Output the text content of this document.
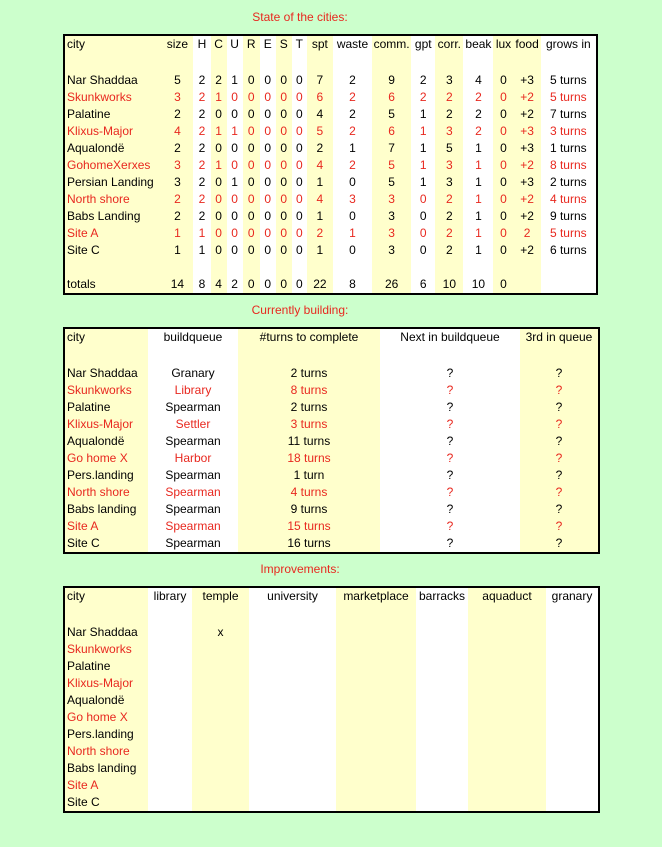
State of the cities:
city	size	H	C	U	R	E	S	T	spt	waste	comm.	gpt	corr.	beak	lux	food	grows in

Nar Shaddaa	5	2	2	1	0	0	0	0	7	2	9	2	3	4	0	+3	5 turns
Skunkworks	3	2	1	0	0	0	0	0	6	2	6	2	2	2	0	+2	5 turns
Palatine	2	2	0	0	0	0	0	0	4	2	5	1	2	2	0	+2	7 turns
Klixus-Major	4	2	1	1	0	0	0	0	5	2	6	1	3	2	0	+3	3 turns
Aqualondë	2	2	0	0	0	0	0	0	2	1	7	1	5	1	0	+3	1 turns
GohomeXerxes	3	2	1	0	0	0	0	0	4	2	5	1	3	1	0	+2	8 turns
Persian Landing	3	2	0	1	0	0	0	0	1	0	5	1	3	1	0	+3	2 turns
North shore	2	2	0	0	0	0	0	0	4	3	3	0	2	1	0	+2	4 turns
Babs Landing	2	2	0	0	0	0	0	0	1	0	3	0	2	1	0	+2	9 turns
Site A	1	1	0	0	0	0	0	0	2	1	3	0	2	1	0	2	5 turns
Site C	1	1	0	0	0	0	0	0	1	0	3	0	2	1	0	+2	6 turns

totals	14	8	4	2	0	0	0	0	22	8	26	6	10	10	0		
Currently building:
city	buildqueue	#turns to complete	Next in buildqueue	3rd in queue

Nar Shaddaa	Granary	2 turns	?	?
Skunkworks	Library	8 turns	?	?
Palatine	Spearman	2 turns	?	?
Klixus-Major	Settler	3 turns	?	?
Aqualondë	Spearman	11 turns	?	?
Go home X	Harbor	18 turns	?	?
Pers.landing	Spearman	1 turn	?	?
North shore	Spearman	4 turns	?	?
Babs landing	Spearman	9 turns	?	?
Site A	Spearman	15 turns	?	?
Site C	Spearman	16 turns	?	?
Improvements:
city	library	temple	university	marketplace	barracks	aquaduct	granary

Nar Shaddaa		x					
Skunkworks							
Palatine							
Klixus-Major							
Aqualondë							
Go home X							
Pers.landing							
North shore							
Babs landing							
Site A							
Site C							
